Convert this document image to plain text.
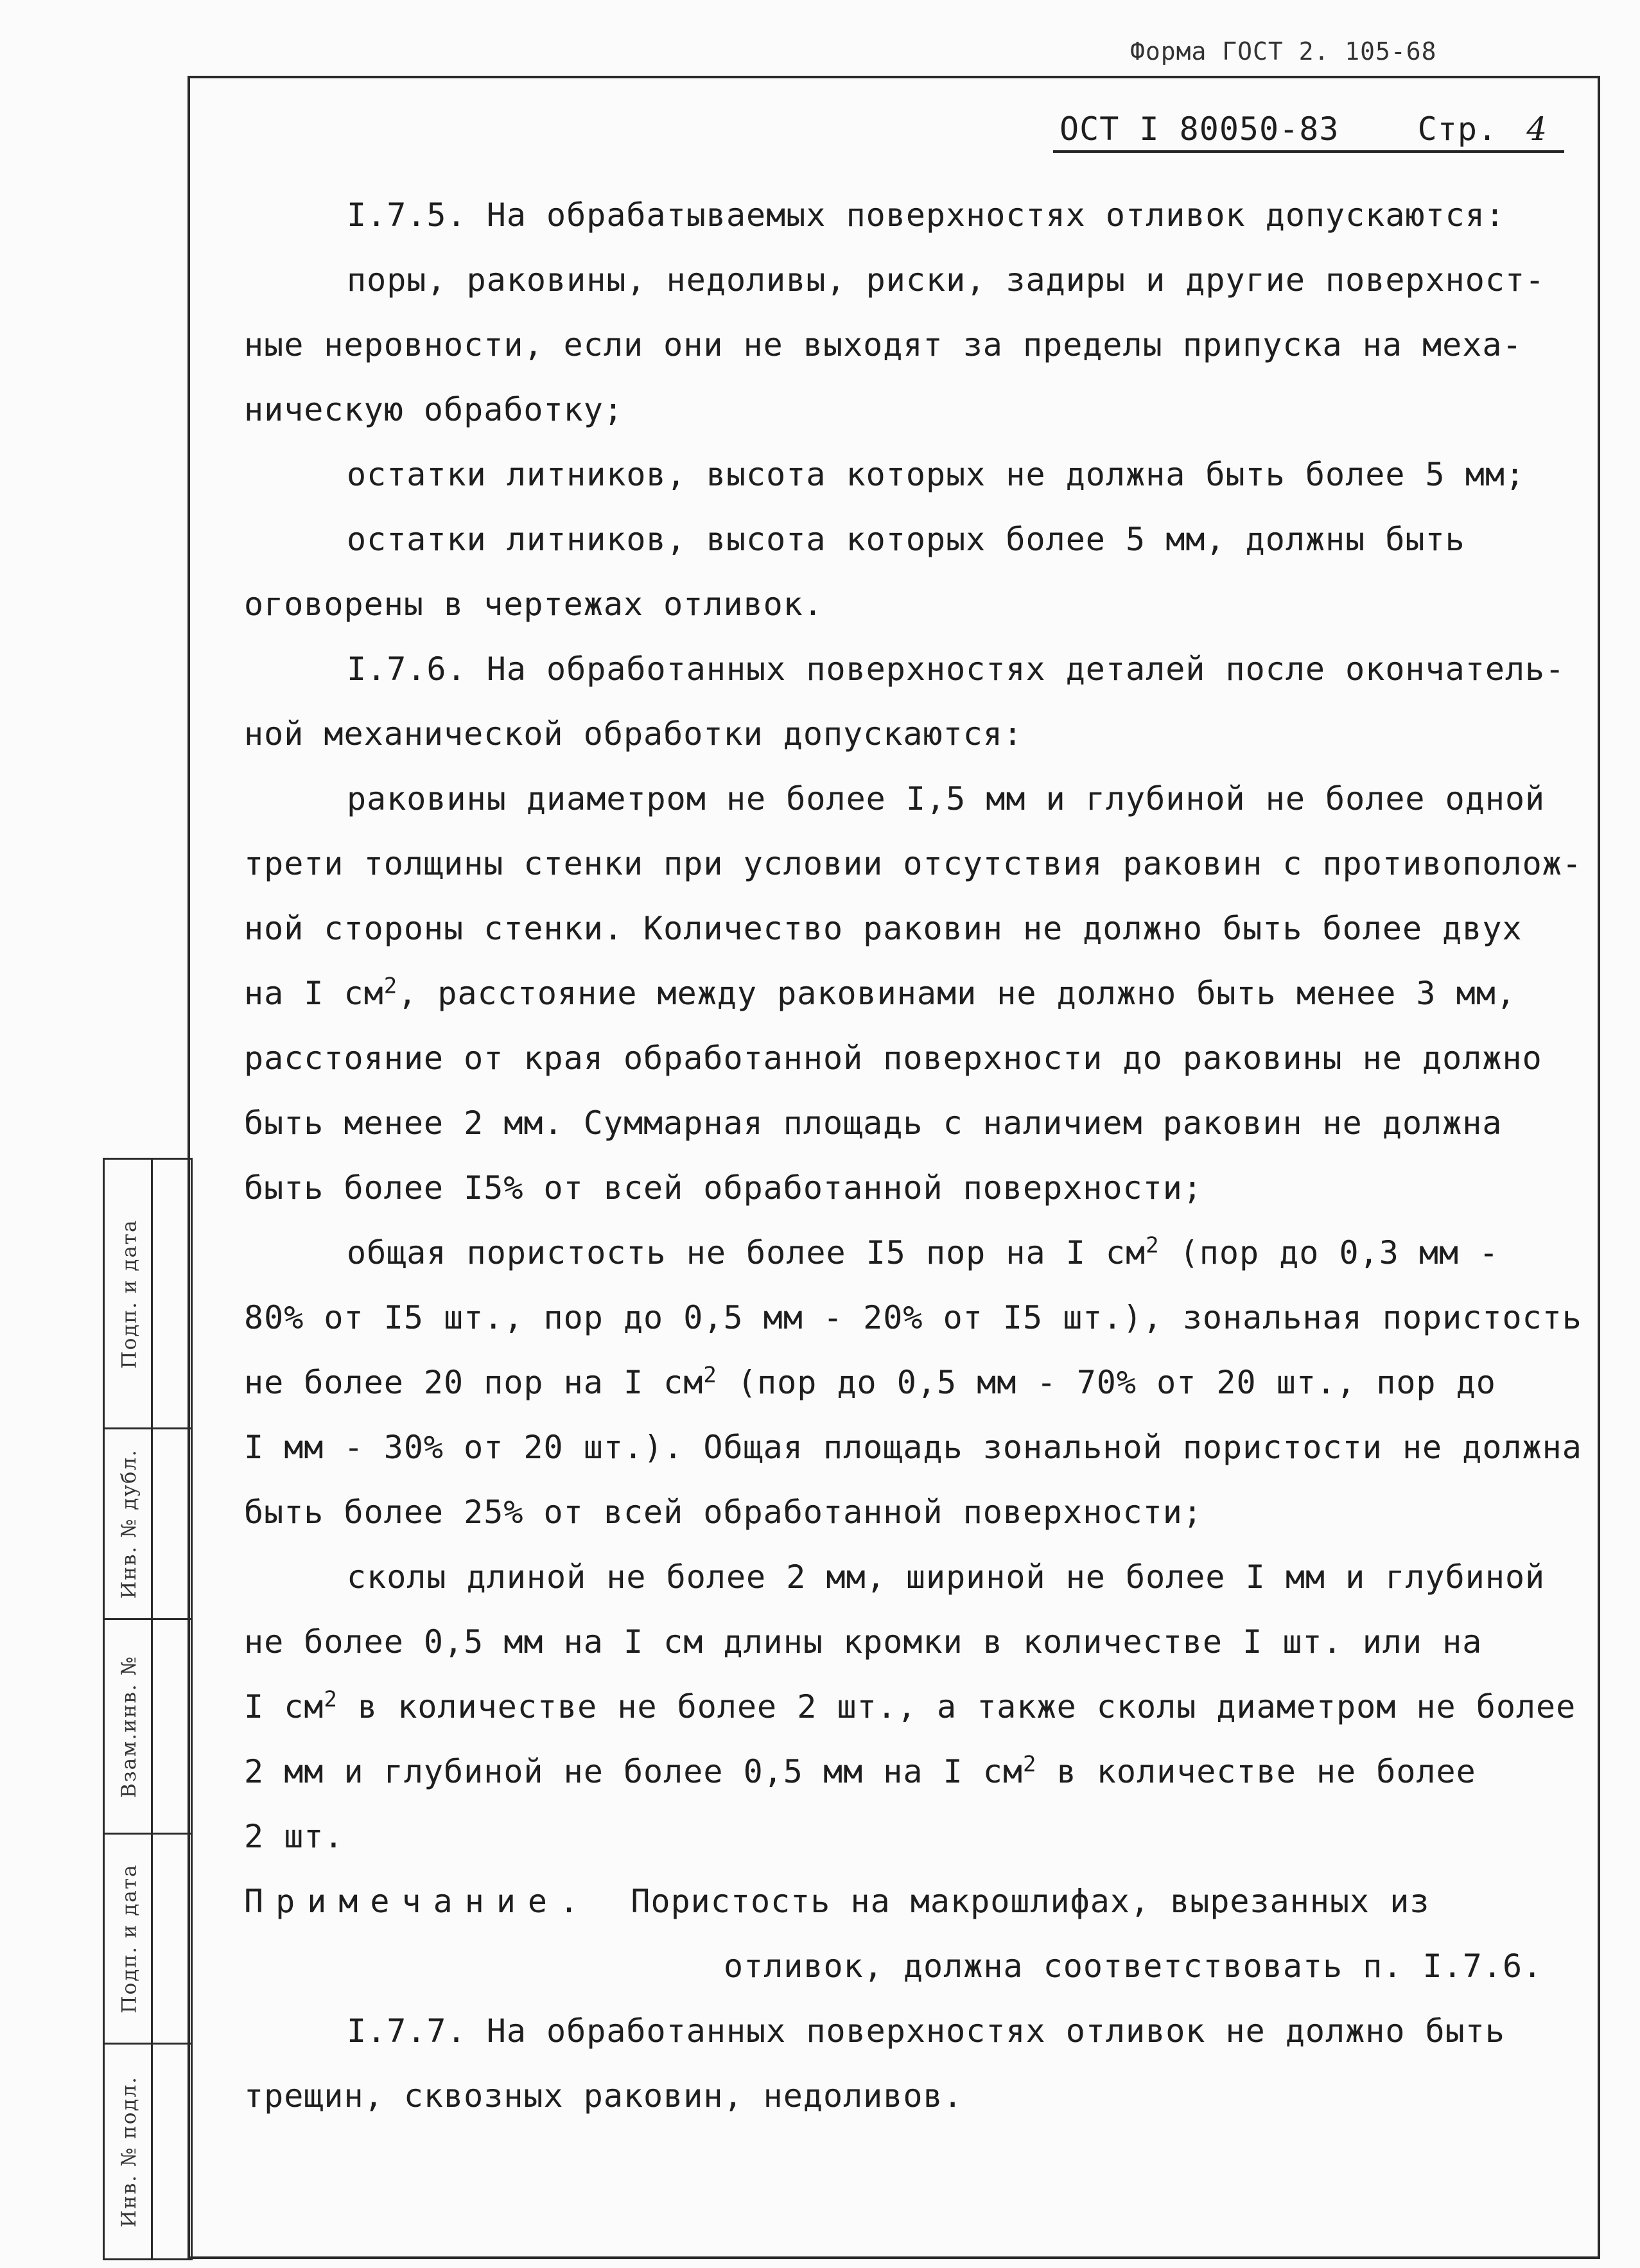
Форма ГОСТ 2. 105-68
ОСТ I 80050-83 Стр. 4
I.7.5. На обрабатываемых поверхностях отливок допускаются:
поры, раковины, недоливы, риски, задиры и другие поверхност-
ные неровности, если они не выходят за пределы припуска на меха-
ническую обработку;
остатки литников, высота которых не должна быть более 5 мм;
остатки литников, высота которых более 5 мм, должны быть
оговорены в чертежах отливок.
I.7.6. На обработанных поверхностях деталей после окончатель-
ной механической обработки допускаются:
раковины диаметром не более I,5 мм и глубиной не более одной
трети толщины стенки при условии отсутствия раковин с противополож-
ной стороны стенки. Количество раковин не должно быть более двух
на I $см^2$, расстояние между раковинами не должно быть менее 3 мм,
расстояние от края обработанной поверхности до раковины не должно
быть менее 2 мм. Суммарная площадь с наличием раковин не должна
быть более I5% от всей обработанной поверхности;
общая пористость не более I5 пор на I $см^2$ (пор до 0,3 мм -
80% от I5 шт., пор до 0,5 мм - 20% от I5 шт.), зональная пористость
не более 20 пор на I $см^2$ (пор до 0,5 мм - 70% от 20 шт., пор до
I мм - 30% от 20 шт.). Общая площадь зональной пористости не должна
быть более 25% от всей обработанной поверхности;
сколы длиной не более 2 мм, шириной не более I мм и глубиной
не более 0,5 мм на I см длины кромки в количестве I шт. или на
I $см^2$ в количестве не более 2 шт., а также сколы диаметром не более
2 мм и глубиной не более 0,5 мм на I $см^2$ в количестве не более
2 шт.
Примечание. Пористость на макрошлифах, вырезанных из
отливок, должна соответствовать п. I.7.6.
I.7.7. На обработанных поверхностях отливок не должно быть
трещин, сквозных раковин, недоливов.
Подп. и дата
Инв. № дубл.
Взам.инв. №
Подп. и дата
Инв. № подл.
